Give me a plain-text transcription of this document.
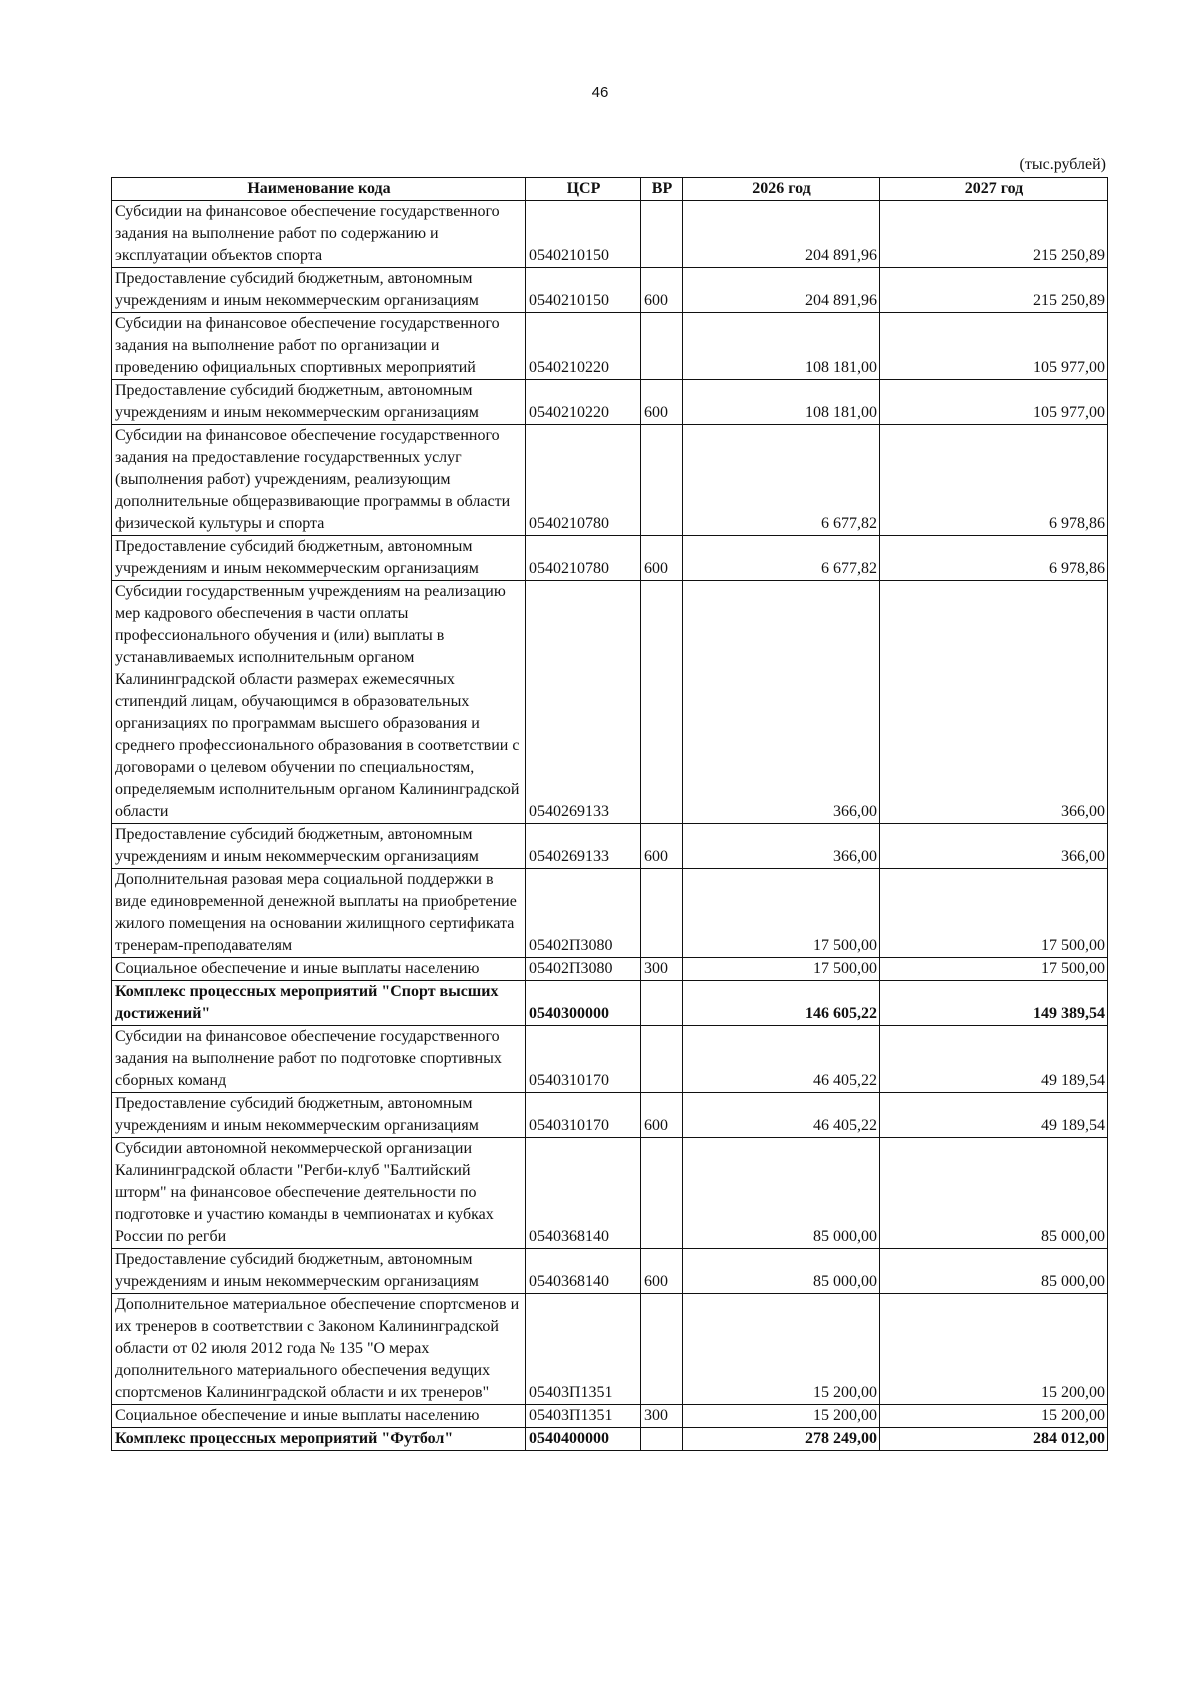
46
(тыс.рублей)
Наименование кода	ЦСР	ВР	2026 год	2027 год
Субсидии на финансовое обеспечение государственного задания на выполнение работ по содержанию и эксплуатации объектов спорта	0540210150		204 891,96	215 250,89
Предоставление субсидий бюджетным, автономным учреждениям и иным некоммерческим организациям	0540210150	600	204 891,96	215 250,89
Субсидии на финансовое обеспечение государственного задания на выполнение работ по организации и проведению официальных спортивных мероприятий	0540210220		108 181,00	105 977,00
Предоставление субсидий бюджетным, автономным учреждениям и иным некоммерческим организациям	0540210220	600	108 181,00	105 977,00
Субсидии на финансовое обеспечение государственного задания на предоставление государственных услуг (выполнения работ) учреждениям, реализующим дополнительные общеразвивающие программы в области физической культуры и спорта	0540210780		6 677,82	6 978,86
Предоставление субсидий бюджетным, автономным учреждениям и иным некоммерческим организациям	0540210780	600	6 677,82	6 978,86
Субсидии государственным учреждениям на реализацию мер кадрового обеспечения в части оплаты профессионального обучения и (или) выплаты в устанавливаемых исполнительным органом Калининградской области размерах ежемесячных стипендий лицам, обучающимся в образовательных организациях по программам высшего образования и среднего профессионального образования в соответствии с договорами о целевом обучении по специальностям, определяемым исполнительным органом Калининградской области	0540269133		366,00	366,00
Предоставление субсидий бюджетным, автономным учреждениям и иным некоммерческим организациям	0540269133	600	366,00	366,00
Дополнительная разовая мера социальной поддержки в виде единовременной денежной выплаты на приобретение жилого помещения на основании жилищного сертификата тренерам-преподавателям	05402П3080		17 500,00	17 500,00
Социальное обеспечение и иные выплаты населению	05402П3080	300	17 500,00	17 500,00
Комплекс процессных мероприятий "Спорт высших достижений"	0540300000		146 605,22	149 389,54
Субсидии на финансовое обеспечение государственного задания на выполнение работ по подготовке спортивных сборных команд	0540310170		46 405,22	49 189,54
Предоставление субсидий бюджетным, автономным учреждениям и иным некоммерческим организациям	0540310170	600	46 405,22	49 189,54
Субсидии автономной некоммерческой организации Калининградской области "Регби-клуб "Балтийский шторм" на финансовое обеспечение деятельности по подготовке и участию команды в чемпионатах и кубках России по регби	0540368140		85 000,00	85 000,00
Предоставление субсидий бюджетным, автономным учреждениям и иным некоммерческим организациям	0540368140	600	85 000,00	85 000,00
Дополнительное материальное обеспечение спортсменов и их тренеров в соответствии с Законом Калининградской области от 02 июля 2012 года № 135 "О мерах дополнительного материального обеспечения ведущих спортсменов Калининградской области и их тренеров"	05403П1351		15 200,00	15 200,00
Социальное обеспечение и иные выплаты населению	05403П1351	300	15 200,00	15 200,00
Комплекс процессных мероприятий "Футбол"	0540400000		278 249,00	284 012,00
